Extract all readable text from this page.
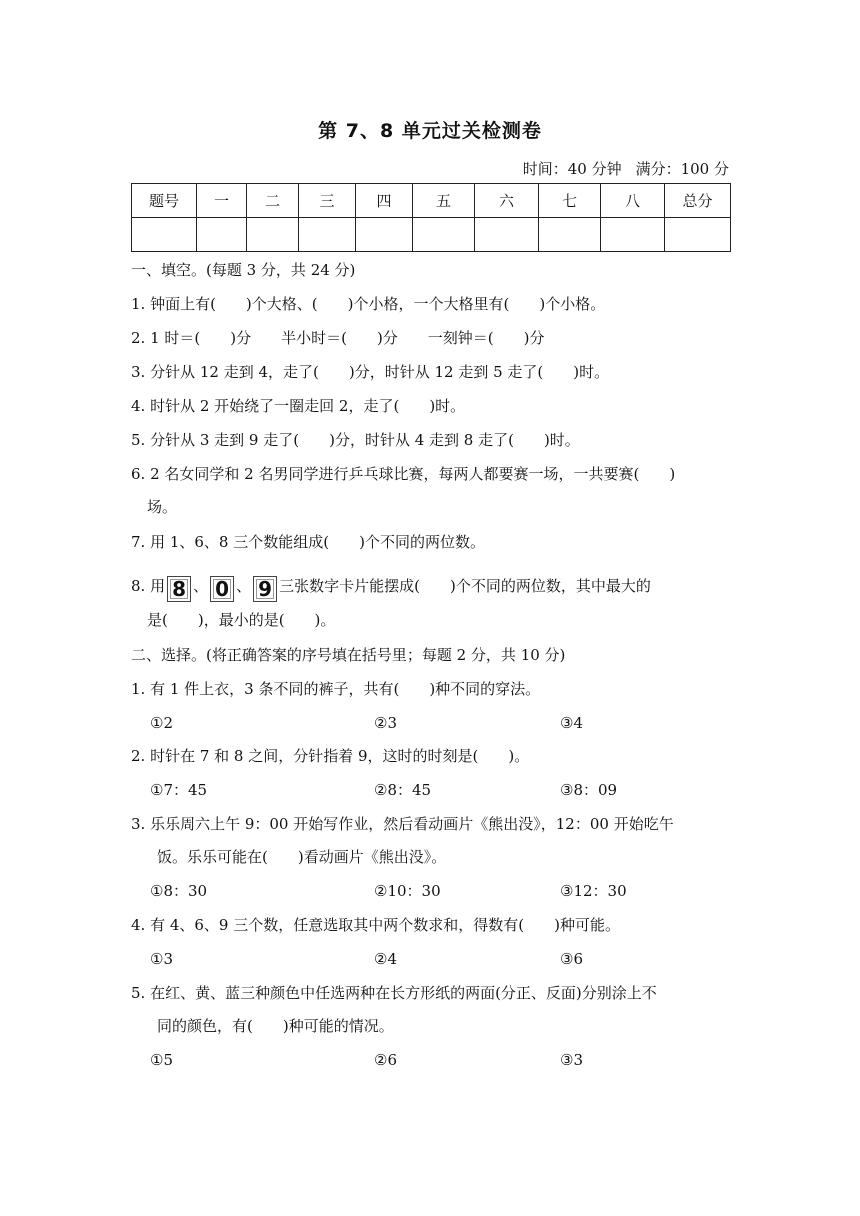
第 7、8 单元过关检测卷
时间：40 分钟 满分：100 分
题号	一	二	三	四	五	六	七	八	总分

一、填空。(每题 3 分，共 24 分)
1. 钟面上有(　　)个大格、(　　)个小格，一个大格里有(　　)个小格。
2. 1 时＝(　　)分　　半小时＝(　　)分　　一刻钟＝(　　)分
3. 分针从 12 走到 4，走了(　　)分，时针从 12 走到 5 走了(　　)时。
4. 时针从 2 开始绕了一圈走回 2，走了(　　)时。
5. 分针从 3 走到 9 走了(　　)分，时针从 4 走到 8 走了(　　)时。
6. 2 名女同学和 2 名男同学进行乒乓球比赛，每两人都要赛一场，一共要赛(　　)
场。
7. 用 1、6、8 三个数能组成(　　)个不同的两位数。
8. 用 8 、 0 、 9 三张数字卡片能摆成(　　)个不同的两位数，其中最大的
是(　　)，最小的是(　　)。
二、选择。(将正确答案的序号填在括号里；每题 2 分，共 10 分)
1. 有 1 件上衣，3 条不同的裤子，共有(　　)种不同的穿法。
①2	②3	③4
2. 时针在 7 和 8 之间，分针指着 9，这时的时刻是(　　)。
①7：45	②8：45	③8：09
3. 乐乐周六上午 9：00 开始写作业，然后看动画片《熊出没》，12：00 开始吃午
饭。乐乐可能在(　　)看动画片《熊出没》。
①8：30	②10：30	③12：30
4. 有 4、6、9 三个数，任意选取其中两个数求和，得数有(　　)种可能。
①3	②4	③6
5. 在红、黄、蓝三种颜色中任选两种在长方形纸的两面(分正、反面)分别涂上不
同的颜色，有(　　)种可能的情况。
①5	②6	③3
